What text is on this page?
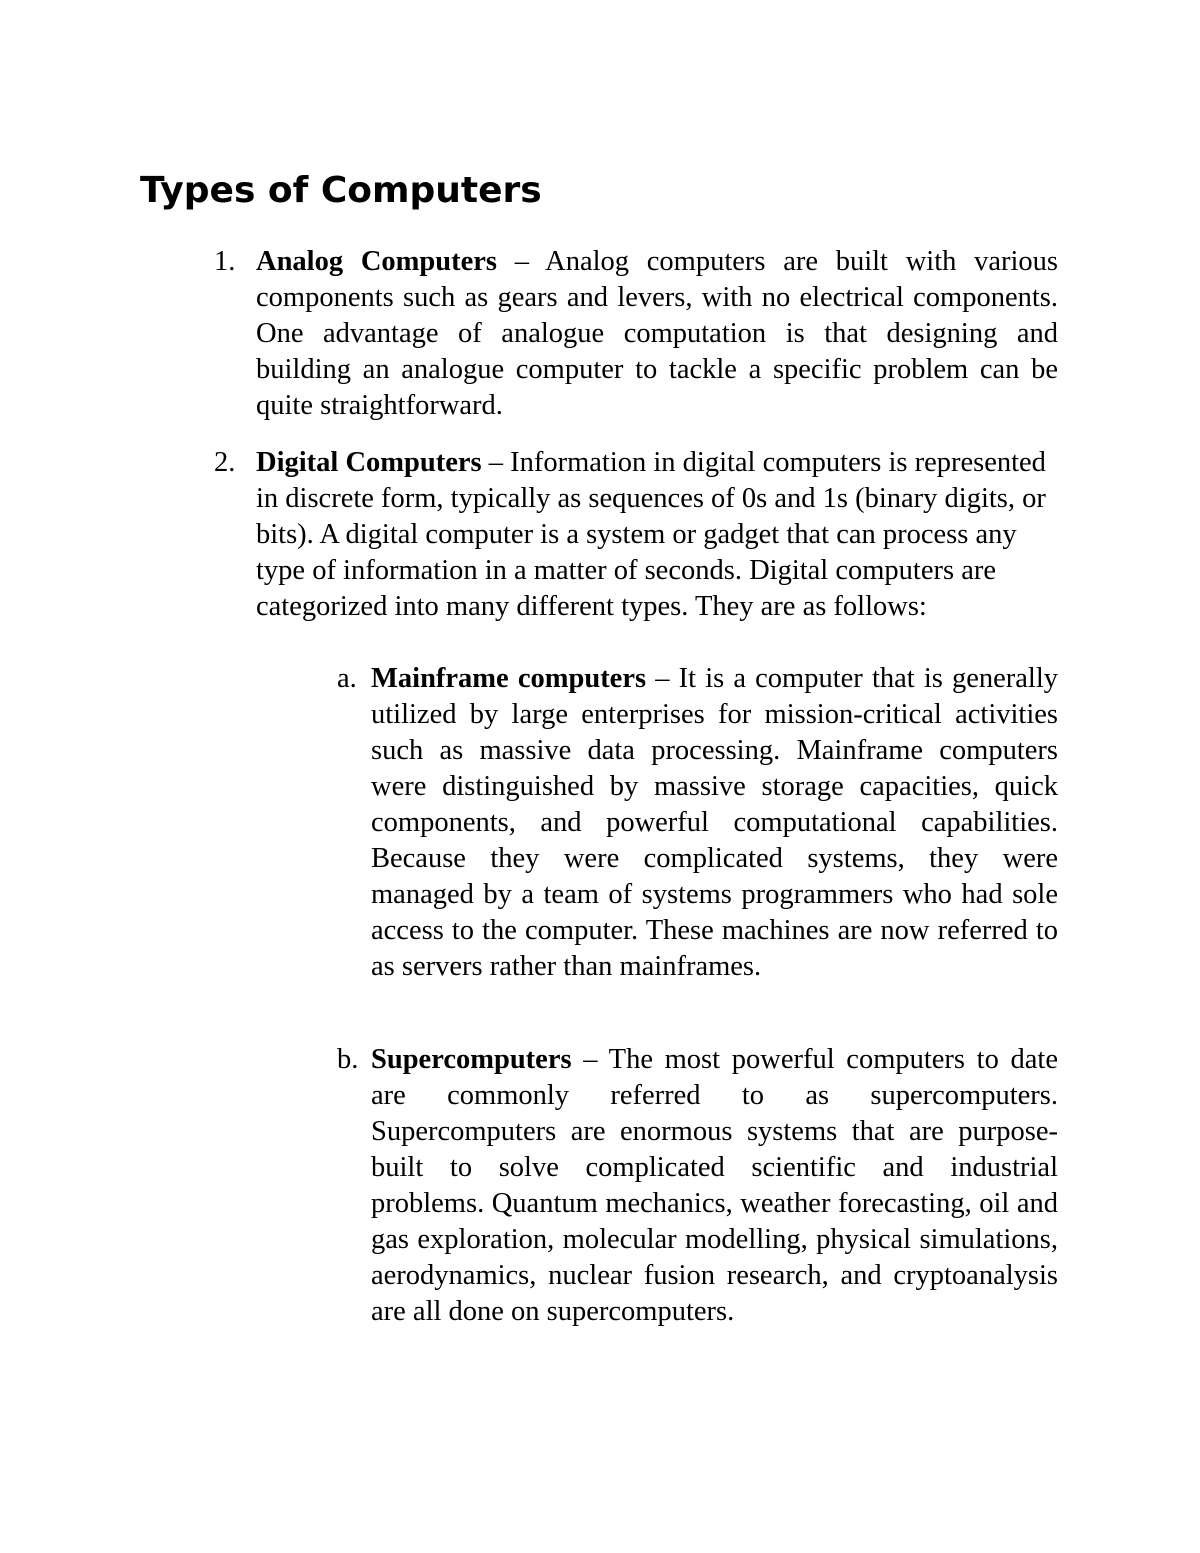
Types of Computers
1. Analog Computers – Analog computers are built with various components such as gears and levers, with no electrical components. One advantage of analogue computation is that designing and building an analogue computer to tackle a specific problem can be quite straightforward.

2. Digital Computers – Information in digital computers is represented in discrete form, typically as sequences of 0s and 1s (binary digits, or bits). A digital computer is a system or gadget that can process any type of information in a matter of seconds. Digital computers are categorized into many different types. They are as follows:

a. Mainframe computers – It is a computer that is generally utilized by large enterprises for mission-critical activities such as massive data processing. Mainframe computers were distinguished by massive storage capacities, quick components, and powerful computational capabilities. Because they were complicated systems, they were managed by a team of systems programmers who had sole access to the computer. These machines are now referred to as servers rather than mainframes.

b. Supercomputers – The most powerful computers to date are commonly referred to as supercomputers. Supercomputers are enormous systems that are purpose-built to solve complicated scientific and industrial problems. Quantum mechanics, weather forecasting, oil and gas exploration, molecular modelling, physical simulations, aerodynamics, nuclear fusion research, and cryptoanalysis are all done on supercomputers.
